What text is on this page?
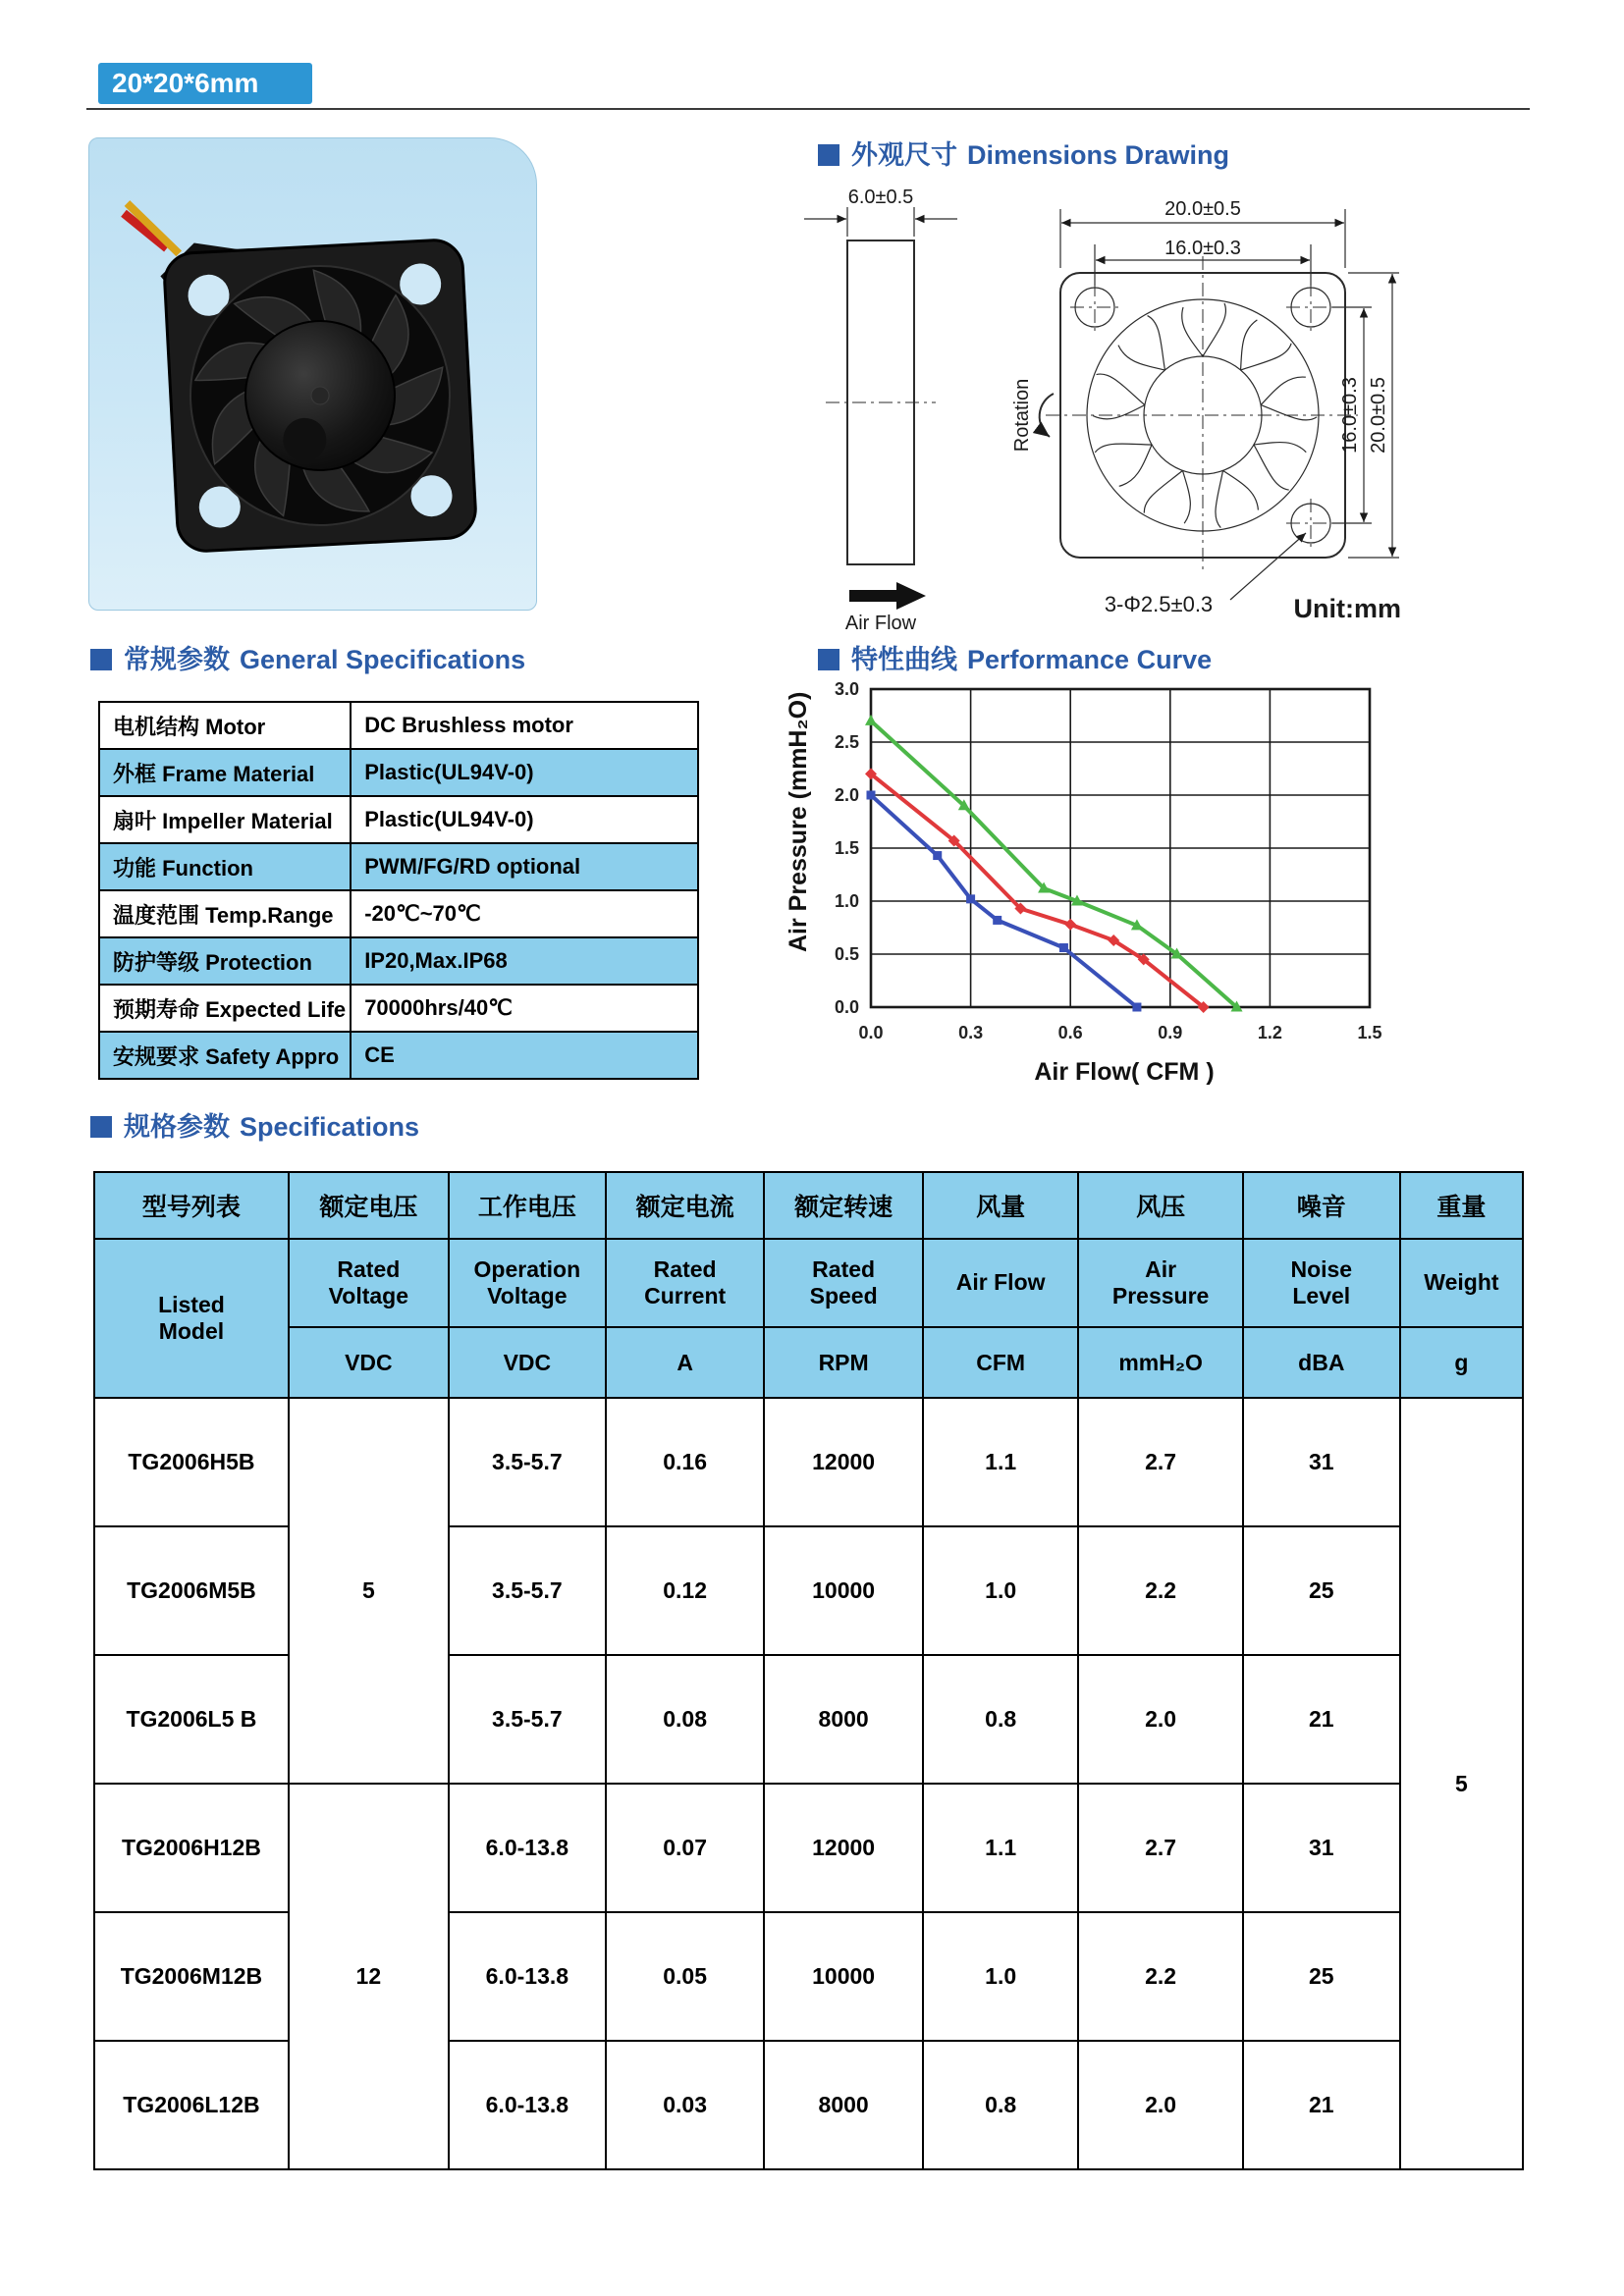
20*20*6mm
外观尺寸 Dimensions Drawing
6.0±0.5
Air Flow
20.0±0.5
16.0±0.3
16.0±0.3 20.0±0.5
Rotation
3-Φ2.5±0.3	Unit:mm
常规参数 General Specifications
电机结构 Motor	DC Brushless motor
外框 Frame Material	Plastic(UL94V-0)
扇叶 Impeller Material	Plastic(UL94V-0)
功能 Function	PWM/FG/RD optional
温度范围 Temp.Range	-20℃~70℃
防护等级 Protection	IP20,Max.IP68
预期寿命 Expected Life	70000hrs/40℃
安规要求 Safety Appro	CE
特性曲线 Performance Curve
Air Pressure (mmH₂O)
Air Flow( CFM )
0.0	0.3	0.6	0.9	1.2	1.5
0.0
0.5
1.0
1.5
2.0
2.5
3.0
规格参数 Specifications
型号列表	额定电压	工作电压	额定电流	额定转速	风量	风压	噪音	重量
Listed Model	Rated Voltage	Operation Voltage	Rated Current	Rated Speed	Air Flow	Air Pressure	Noise Level	Weight
	VDC	VDC	A	RPM	CFM	mmH₂O	dBA	g
TG2006H5B	5	3.5-5.7	0.16	12000	1.1	2.7	31	5
TG2006M5B		3.5-5.7	0.12	10000	1.0	2.2	25	
TG2006L5 B		3.5-5.7	0.08	8000	0.8	2.0	21	
TG2006H12B	12	6.0-13.8	0.07	12000	1.1	2.7	31	
TG2006M12B		6.0-13.8	0.05	10000	1.0	2.2	25	
TG2006L12B		6.0-13.8	0.03	8000	0.8	2.0	21	
